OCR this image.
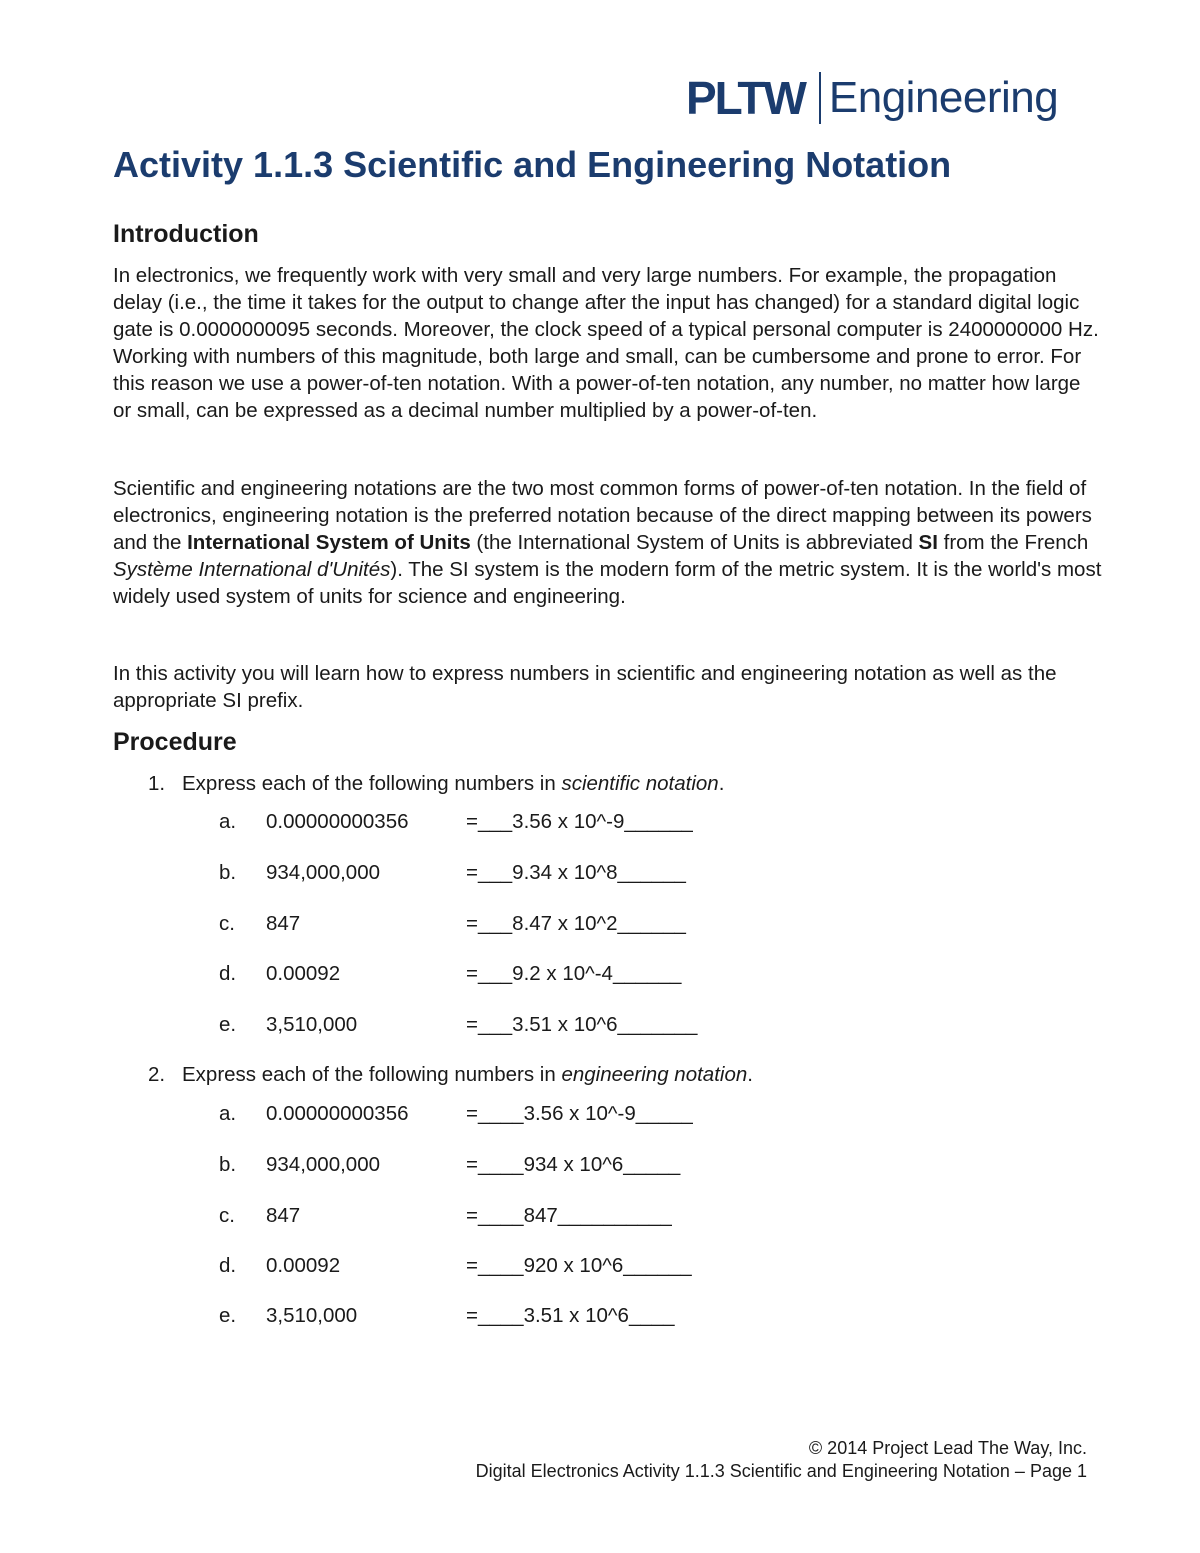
PLTW Engineering
Activity 1.1.3 Scientific and Engineering Notation
Introduction

In electronics, we frequently work with very small and very large numbers. For example, the propagation delay (i.e., the time it takes for the output to change after the input has changed) for a standard digital logic gate is 0.0000000095 seconds. Moreover, the clock speed of a typical personal computer is 2400000000 Hz. Working with numbers of this magnitude, both large and small, can be cumbersome and prone to error. For this reason we use a power-of-ten notation. With a power-of-ten notation, any number, no matter how large or small, can be expressed as a decimal number multiplied by a power-of-ten.

Scientific and engineering notations are the two most common forms of power-of-ten notation. In the field of electronics, engineering notation is the preferred notation because of the direct mapping between its powers and the International System of Units (the International System of Units is abbreviated SI from the French Système International d'Unités). The SI system is the modern form of the metric system. It is the world's most widely used system of units for science and engineering.

In this activity you will learn how to express numbers in scientific and engineering notation as well as the appropriate SI prefix.

Procedure
1. Express each of the following numbers in scientific notation.
a. 0.00000000356	=___3.56 x 10^-9______
b. 934,000,000	=___9.34 x 10^8______
c. 847	=___8.47 x 10^2______
d. 0.00092	=___9.2 x 10^-4______
e. 3,510,000	=___3.51 x 10^6_______
2. Express each of the following numbers in engineering notation.
a. 0.00000000356	=____3.56 x 10^-9_____
b. 934,000,000	=____934 x 10^6_____
c. 847	=____847__________
d. 0.00092	=____920 x 10^6______
e. 3,510,000	=____3.51 x 10^6____
© 2014 Project Lead The Way, Inc.
Digital Electronics Activity 1.1.3 Scientific and Engineering Notation – Page 1
